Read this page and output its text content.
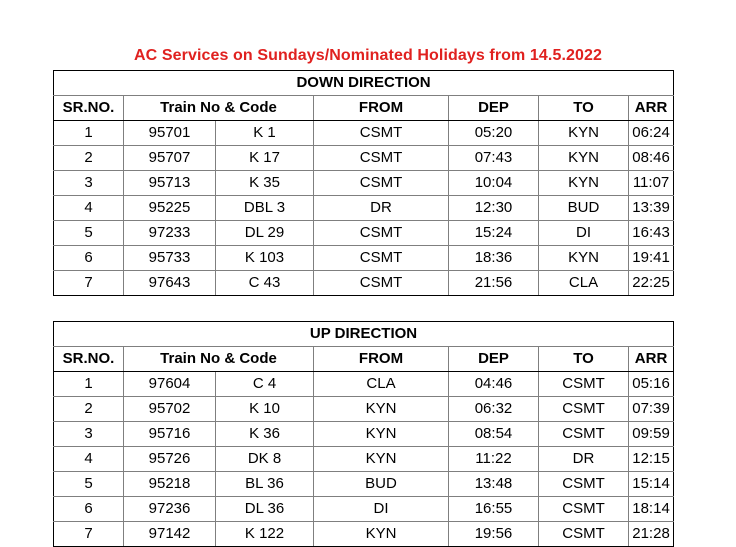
AC Services on Sundays/Nominated Holidays from 14.5.2022
DOWN DIRECTION						
SR.NO.	Train No & Code		FROM	DEP	TO	ARR
1	95701	K 1	CSMT	05:20	KYN	06:24
2	95707	K 17	CSMT	07:43	KYN	08:46
3	95713	K 35	CSMT	10:04	KYN	11:07
4	95225	DBL 3	DR	12:30	BUD	13:39
5	97233	DL 29	CSMT	15:24	DI	16:43
6	95733	K 103	CSMT	18:36	KYN	19:41
7	97643	C 43	CSMT	21:56	CLA	22:25
UP DIRECTION						
SR.NO.	Train No & Code		FROM	DEP	TO	ARR
1	97604	C 4	CLA	04:46	CSMT	05:16
2	95702	K 10	KYN	06:32	CSMT	07:39
3	95716	K 36	KYN	08:54	CSMT	09:59
4	95726	DK 8	KYN	11:22	DR	12:15
5	95218	BL 36	BUD	13:48	CSMT	15:14
6	97236	DL 36	DI	16:55	CSMT	18:14
7	97142	K 122	KYN	19:56	CSMT	21:28
